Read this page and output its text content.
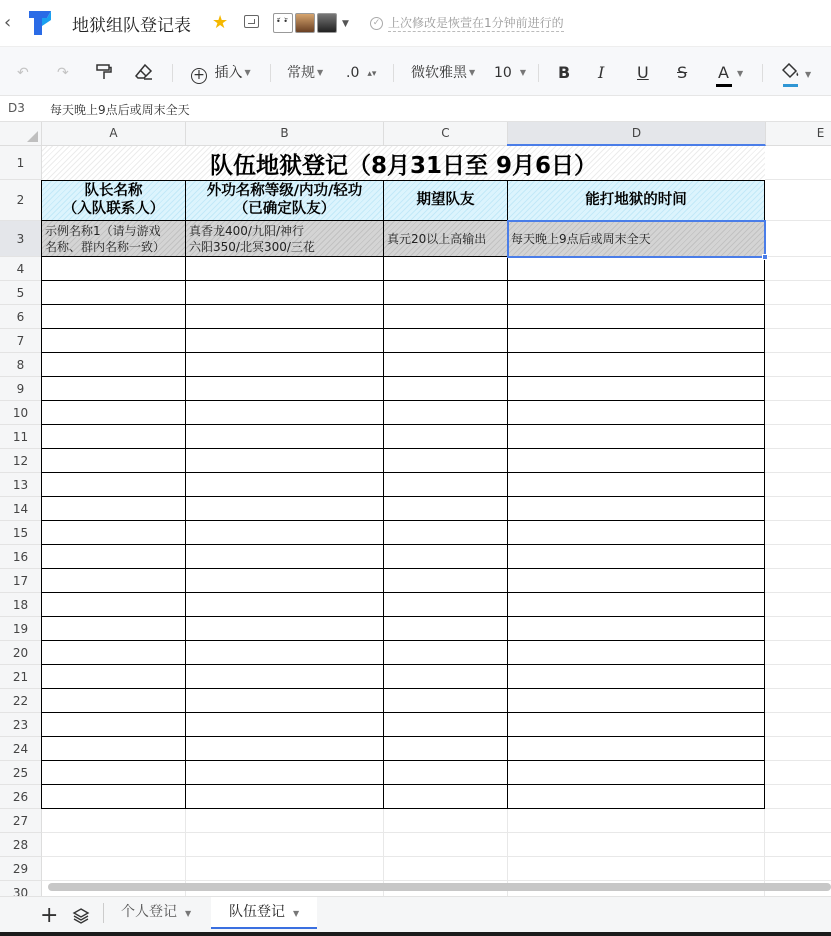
‹	地狱组队登记表 ★
•᷄ •᷅	▼	✓ 上次修改是恢萱在1分钟前进行的
↶ ↷	+ 插入 ▼	常规 ▼ .0 ▴▾ 微软雅黑 ▼ 10 ▼ B I U S A ▼	▼
D3 每天晚上9点后或周末全天
A	B	C	D	E
1
2
3
4
5
6
7
8
9
10
11
12
13
14
15
16
17
18
19
20
21
22
23
24
25
26
27
28
29
30
队伍地狱登记（8月31日至 9月6日）
队长名称
（入队联系人）
外功名称等级/内功/轻功
（已确定队友）
期望队友	能打地狱的时间
示例名称1（请与游戏
名称、群内名称一致）
真香龙400/九阳/神行
六阳350/北冥300/三花
真元20以上高输出	每天晚上9点后或周末全天
+	个人登记 ▼	队伍登记 ▼
